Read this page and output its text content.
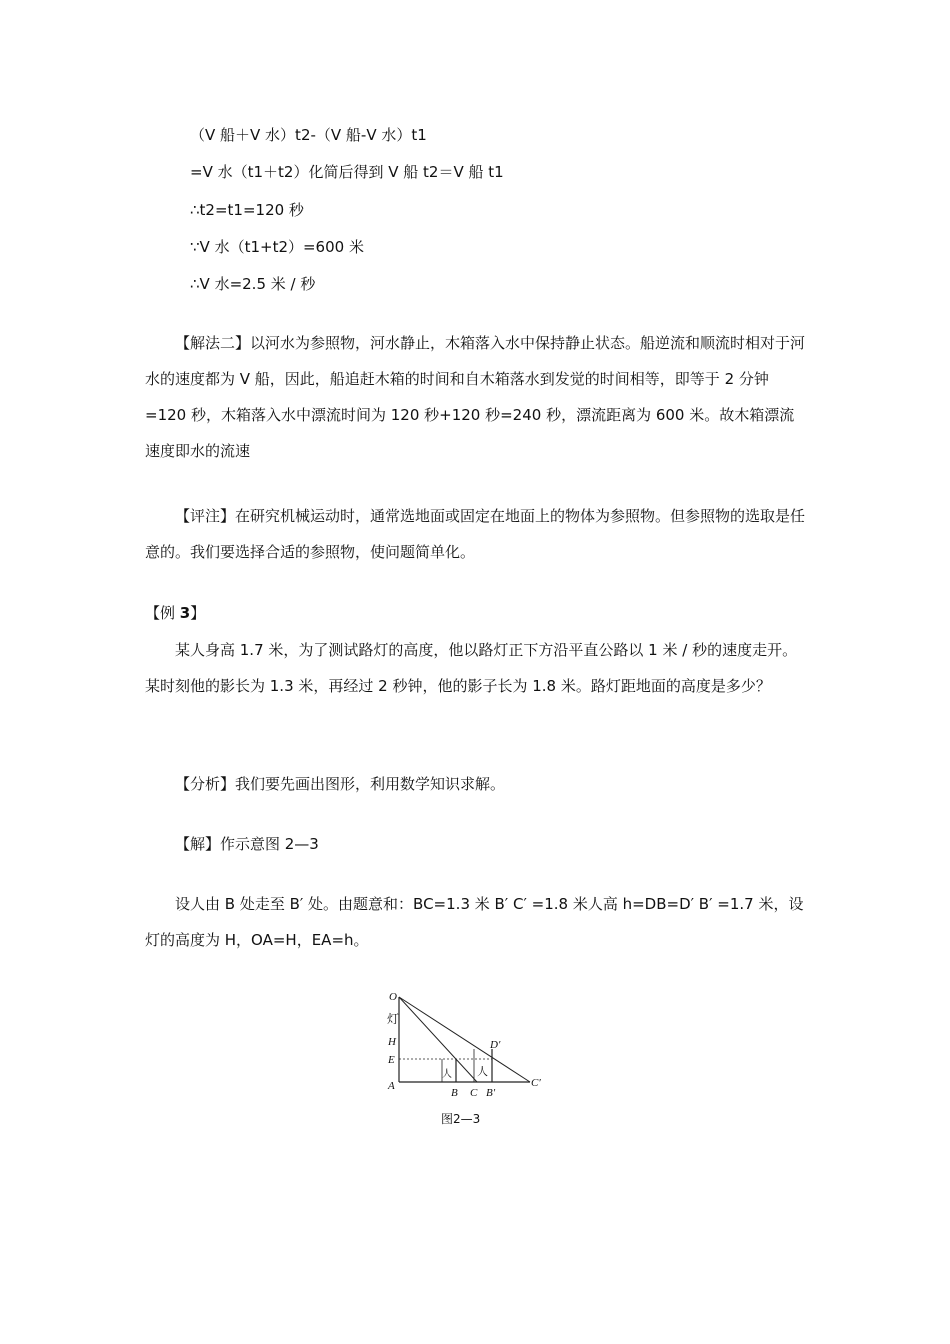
（V 船＋V 水）t2-（V 船-V 水）t1
=V 水（t1＋t2）化简后得到 V 船 t2＝V 船 t1
∴t2=t1=120 秒
∵V 水（t1+t2）=600 米
∴V 水=2.5 米 / 秒

【解法二】以河水为参照物，河水静止，木箱落入水中保持静止状态。船逆流和顺流时相对于河水的速度都为 V 船，因此，船追赶木箱的时间和自木箱落水到发觉的时间相等，即等于 2 分钟=120 秒，木箱落入水中漂流时间为 120 秒+120 秒=240 秒，漂流距离为 600 米。故木箱漂流速度即水的流速

【评注】在研究机械运动时，通常选地面或固定在地面上的物体为参照物。但参照物的选取是任意的。我们要选择合适的参照物，使问题简单化。

【例 3】

某人身高 1.7 米，为了测试路灯的高度，他以路灯正下方沿平直公路以 1 米 / 秒的速度走开。某时刻他的影长为 1.3 米，再经过 2 秒钟，他的影子长为 1.8 米。路灯距地面的高度是多少？

【分析】我们要先画出图形，利用数学知识求解。

【解】作示意图 2—3

设人由 B 处走至 B′ 处。由题意和：BC=1.3 米 B′ C′ =1.8 米人高 h=DB=D′ B′ =1.7 米，设灯的高度为 H，OA=H，EA=h。

O
H
E
A
B C B′
C′
D′
灯
人 人
图2—3
